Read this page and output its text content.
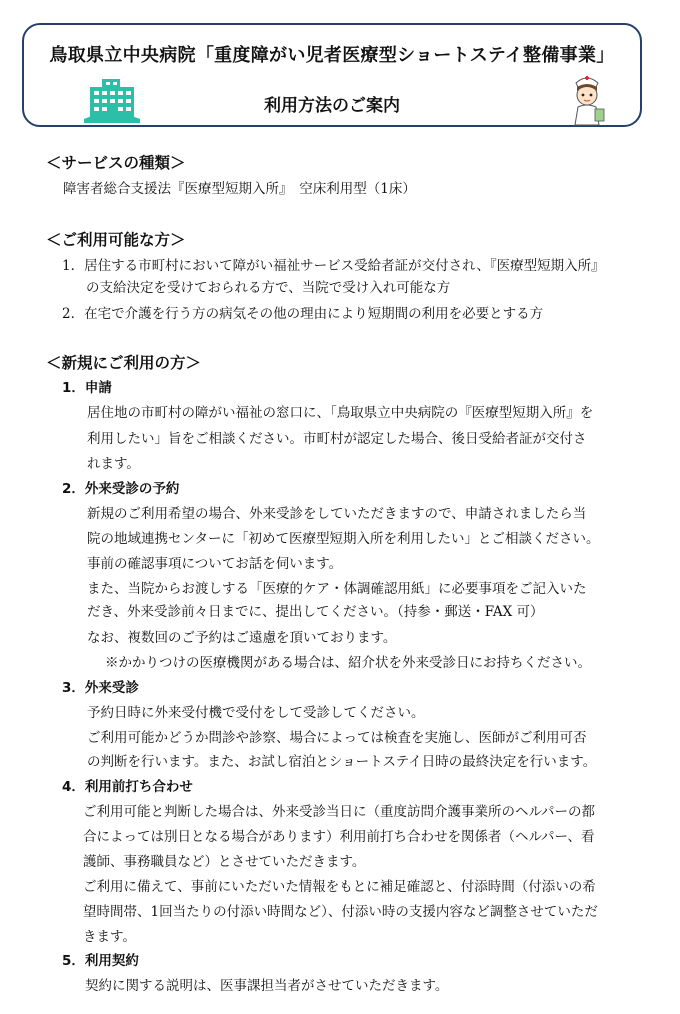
鳥取県立中央病院「重度障がい児者医療型ショートステイ整備事業」
利用方法のご案内
＜サービスの種類＞
障害者総合支援法『医療型短期入所』　空床利用型（1床）
＜ご利用可能な方＞
1．居住する市町村において障がい福祉サービス受給者証が交付され、『医療型短期入所』
の支給決定を受けておられる方で、当院で受け入れ可能な方
2．在宅で介護を行う方の病気その他の理由により短期間の利用を必要とする方
＜新規にご利用の方＞
1．申請
居住地の市町村の障がい福祉の窓口に、「鳥取県立中央病院の『医療型短期入所』を
利用したい」旨をご相談ください。市町村が認定した場合、後日受給者証が交付さ
れます。
2．外来受診の予約
新規のご利用希望の場合、外来受診をしていただきますので、申請されましたら当
院の地域連携センターに「初めて医療型短期入所を利用したい」とご相談ください。
事前の確認事項についてお話を伺います。
また、当院からお渡しする「医療的ケア・体調確認用紙」に必要事項をご記入いた
だき、外来受診前々日までに、提出してください。（持参・郵送・FAX 可）
なお、複数回のご予約はご遠慮を頂いております。
※かかりつけの医療機関がある場合は、紹介状を外来受診日にお持ちください。
3．外来受診
予約日時に外来受付機で受付をして受診してください。
ご利用可能かどうか問診や診察、場合によっては検査を実施し、医師がご利用可否
の判断を行います。また、お試し宿泊とショートステイ日時の最終決定を行います。
4．利用前打ち合わせ
ご利用可能と判断した場合は、外来受診当日に（重度訪問介護事業所のヘルパーの都
合によっては別日となる場合があります）利用前打ち合わせを関係者（ヘルパー、看
護師、事務職員など）とさせていただきます。
ご利用に備えて、事前にいただいた情報をもとに補足確認と、付添時間（付添いの希
望時間帯、1回当たりの付添い時間など）、付添い時の支援内容など調整させていただ
きます。
5．利用契約
契約に関する説明は、医事課担当者がさせていただきます。
